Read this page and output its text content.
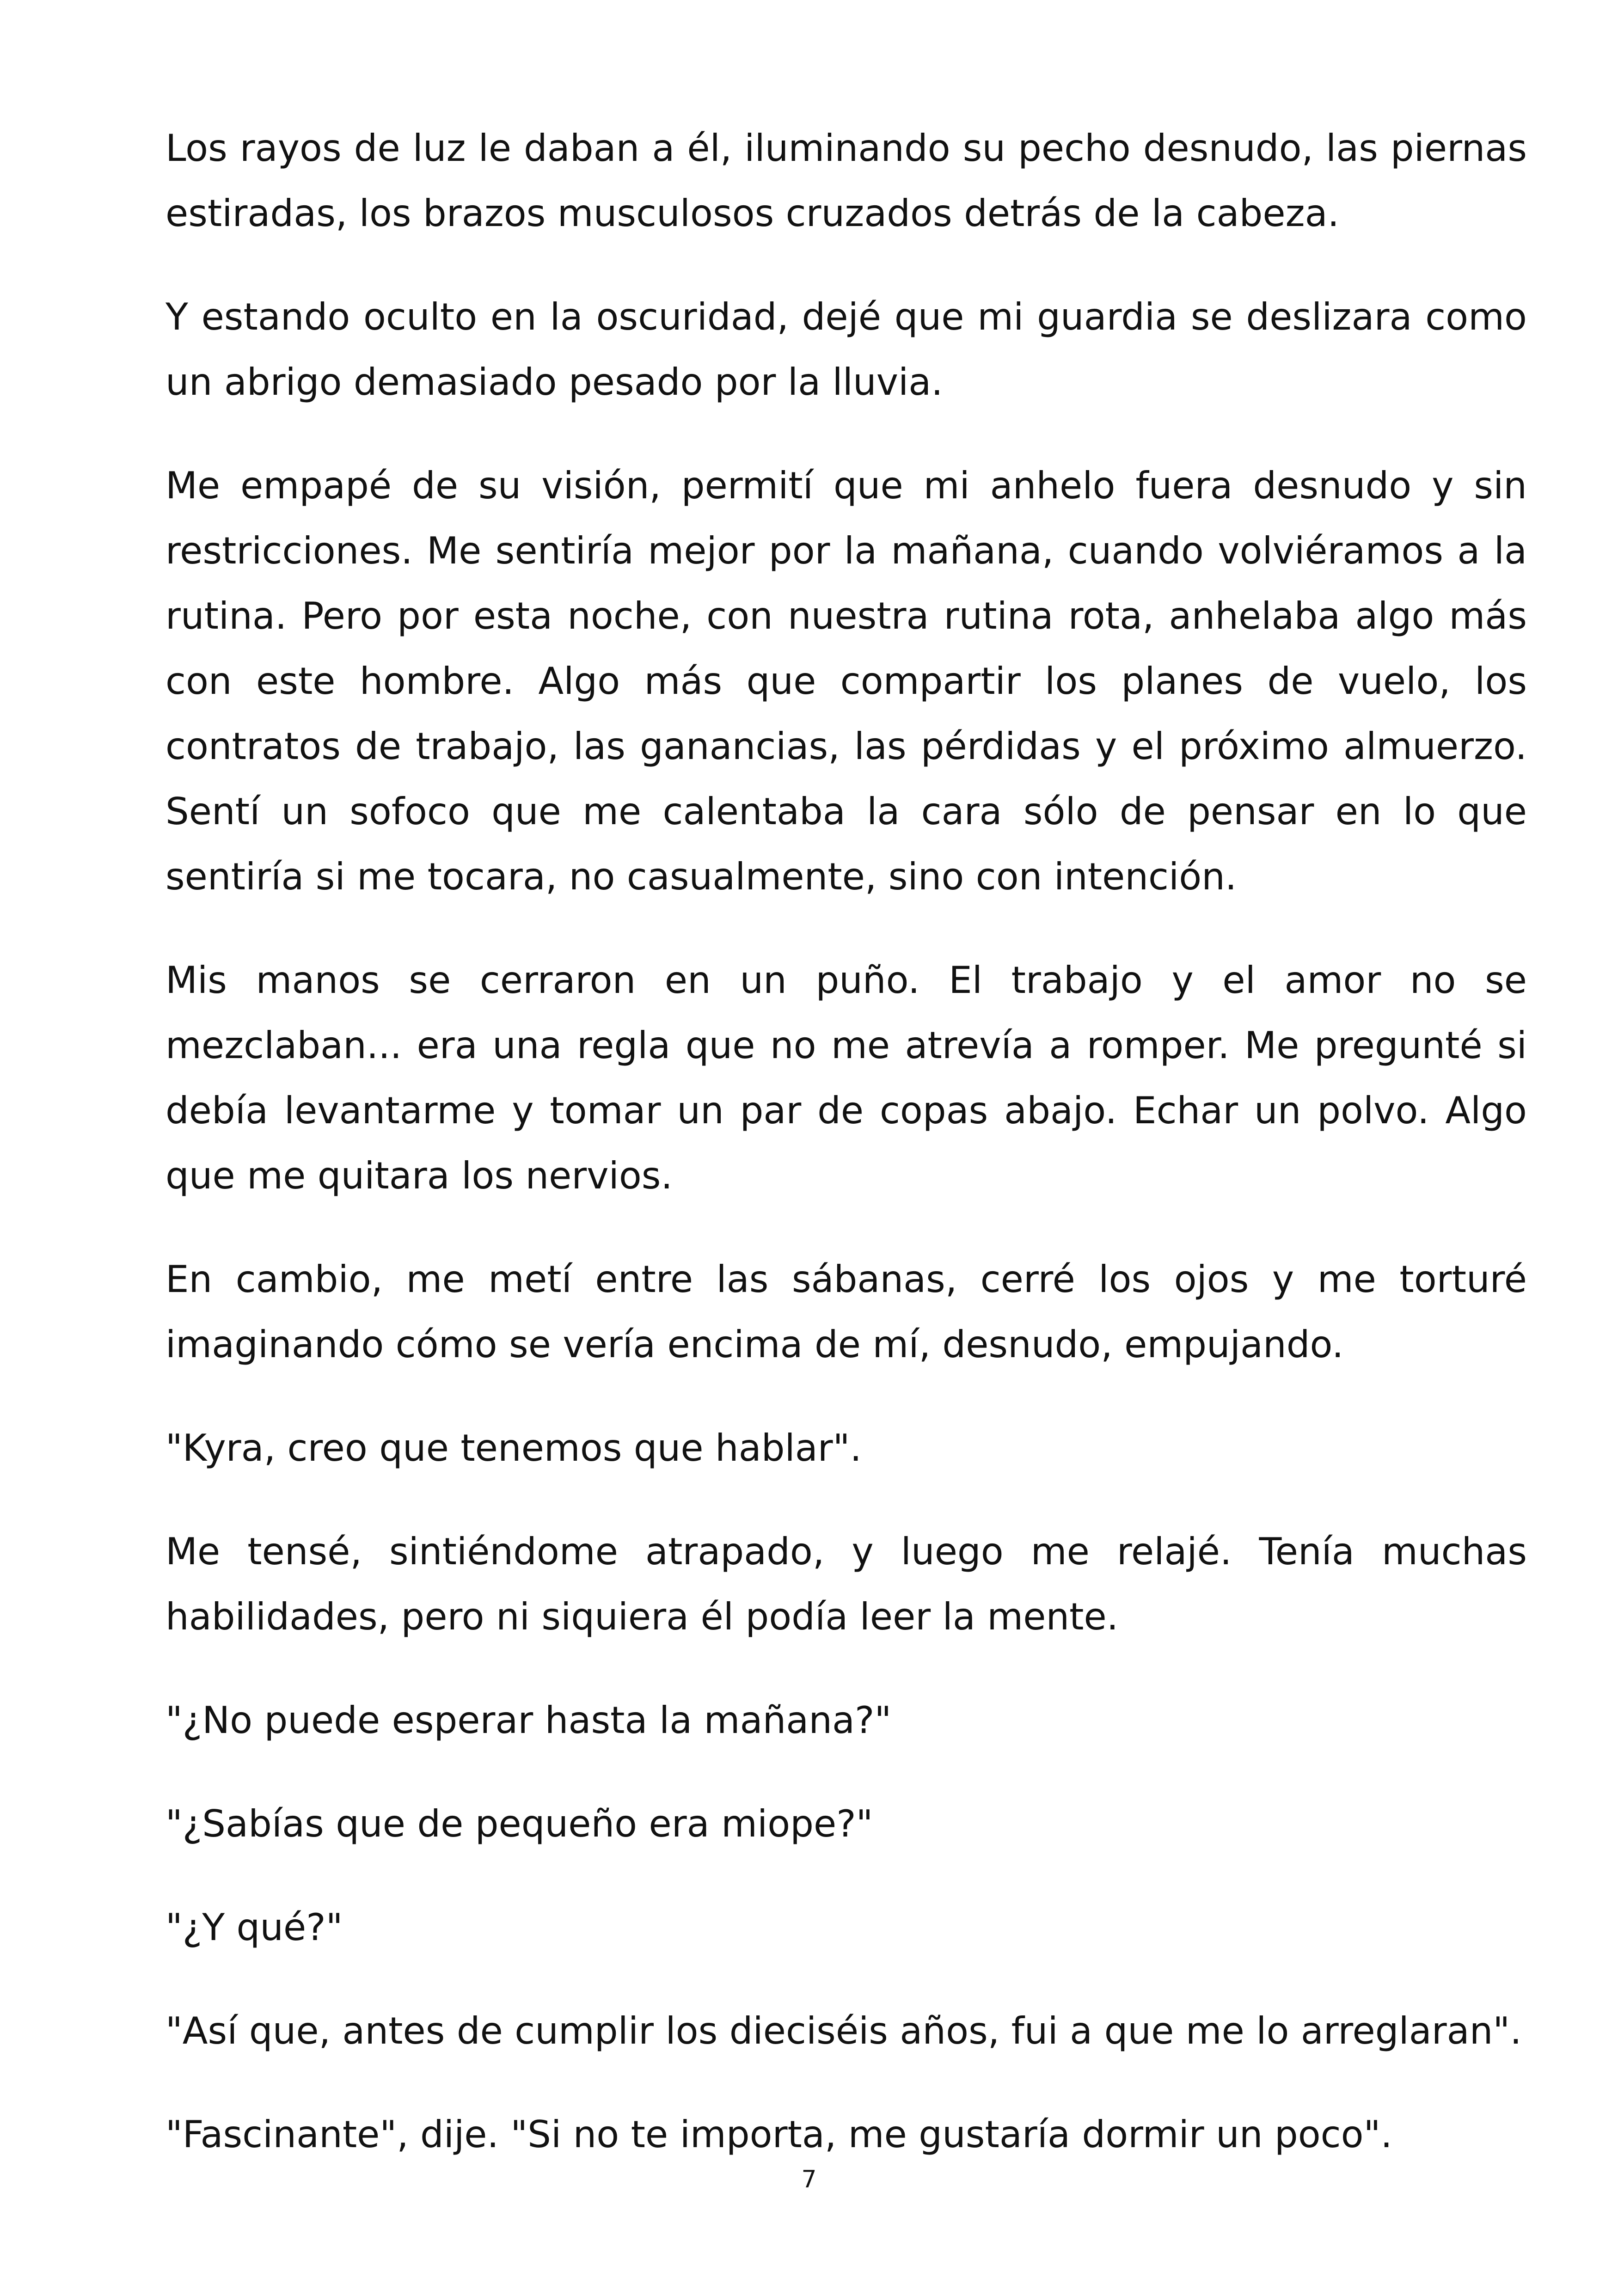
Los rayos de luz le daban a él, iluminando su pecho desnudo, las piernas estiradas, los brazos musculosos cruzados detrás de la cabeza.

Y estando oculto en la oscuridad, dejé que mi guardia se deslizara como un abrigo demasiado pesado por la lluvia.

Me empapé de su visión, permití que mi anhelo fuera desnudo y sin restricciones. Me sentiría mejor por la mañana, cuando volviéramos a la rutina. Pero por esta noche, con nuestra rutina rota, anhelaba algo más con este hombre. Algo más que compartir los planes de vuelo, los contratos de trabajo, las ganancias, las pérdidas y el próximo almuerzo. Sentí un sofoco que me calentaba la cara sólo de pensar en lo que sentiría si me tocara, no casualmente, sino con intención.

Mis manos se cerraron en un puño. El trabajo y el amor no se mezclaban... era una regla que no me atrevía a romper. Me pregunté si debía levantarme y tomar un par de copas abajo. Echar un polvo. Algo que me quitara los nervios.

En cambio, me metí entre las sábanas, cerré los ojos y me torturé imaginando cómo se vería encima de mí, desnudo, empujando.

"Kyra, creo que tenemos que hablar".

Me tensé, sintiéndome atrapado, y luego me relajé. Tenía muchas habilidades, pero ni siquiera él podía leer la mente.

"¿No puede esperar hasta la mañana?"

"¿Sabías que de pequeño era miope?"

"¿Y qué?"

"Así que, antes de cumplir los dieciséis años, fui a que me lo arreglaran".

"Fascinante", dije. "Si no te importa, me gustaría dormir un poco".

7
